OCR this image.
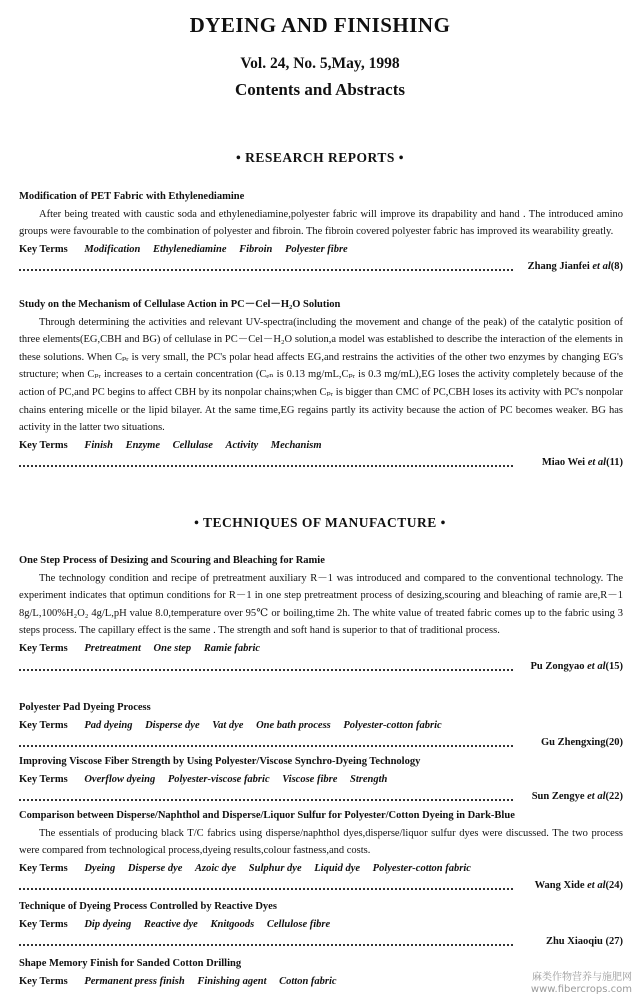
DYEING AND FINISHING
Vol. 24, No. 5,May, 1998
Contents and Abstracts
• RESEARCH REPORTS •
Modification of PET Fabric with Ethylenediamine

After being treated with caustic soda and ethylenediamine,polyester fabric will improve its drapability and hand . The introduced amino groups were favourable to the combination of polyester and fibroin. The fibroin covered polyester fabric has improved its wearability greatly.

Key Terms Modification Ethylenediamine Fibroin Polyester fibre
Zhang Jianfei et al(8)
Study on the Mechanism of Cellulase Action in PC－Cel－H₂O Solution

Through determining the activities and relevant UV-spectra(including the movement and change of the peak) of the catalytic position of three elements(EG,CBH and BG) of cellulase in PC－Cel－H₂O solution,a model was established to describe the interaction of the elements in these solutions. When Cₚᵣ is very small, the PC's polar head affects EG,and restrains the activities of the other two enzymes by changing EG's structure; when Cₚᵣ increases to a certain concentration (Cₑₙ is 0.13 mg/mL,Cₚᵣ is 0.3 mg/mL),EG loses the activity completely because of the action of PC,and PC begins to affect CBH by its nonpolar chains;when Cₚᵣ is bigger than CMC of PC,CBH loses its activity with PC's nonpolar chains entering micelle or the lipid bilayer. At the same time,EG regains partly its activity because the action of PC becomes weaker. BG has activity in the latter two situations.

Key Terms Finish Enzyme Cellulase Activity Mechanism
Miao Wei et al(11)
• TECHNIQUES OF MANUFACTURE •
One Step Process of Desizing and Scouring and Bleaching for Ramie

The technology condition and recipe of pretreatment auxiliary R－1 was introduced and compared to the conventional technology. The experiment indicates that optimun conditions for R－1 in one step pretreatment process of desizing,scouring and bleaching of ramie are,R－1 8g/L,100%H₂O₂ 4g/L,pH value 8.0,temperature over 95℃ or boiling,time 2h. The white value of treated fabric comes up to the fabric using 3 steps process. The capillary effect is the same . The strength and soft hand is superior to that of traditional process.

Key Terms Pretreatment One step Ramie fabric
Pu Zongyao et al(15)
Polyester Pad Dyeing Process
Key Terms Pad dyeing Disperse dye Vat dye One bath process Polyester-cotton fabric
Gu Zhengxing(20)
Improving Viscose Fiber Strength by Using Polyester/Viscose Synchro-Dyeing Technology
Key Terms Overflow dyeing Polyester-viscose fabric Viscose fibre Strength
Sun Zengye et al(22)
Comparison between Disperse/Naphthol and Disperse/Liquor Sulfur for Polyester/Cotton Dyeing in Dark-Blue

The essentials of producing black T/C fabrics using disperse/naphthol dyes,disperse/liquor sulfur dyes were discussed. The two process were compared from technological process,dyeing results,colour fastness,and costs.

Key Terms Dyeing Disperse dye Azoic dye Sulphur dye Liquid dye Polyester-cotton fabric
Wang Xide et al(24)
Technique of Dyeing Process Controlled by Reactive Dyes
Key Terms Dip dyeing Reactive dye Knitgoods Cellulose fibre
Zhu Xiaoqiu (27)
Shape Memory Finish for Sanded Cotton Drilling
Key Terms Permanent press finish Finishing agent Cotton fabric	麻类作物营养与施肥网
www.fibercrops.com
